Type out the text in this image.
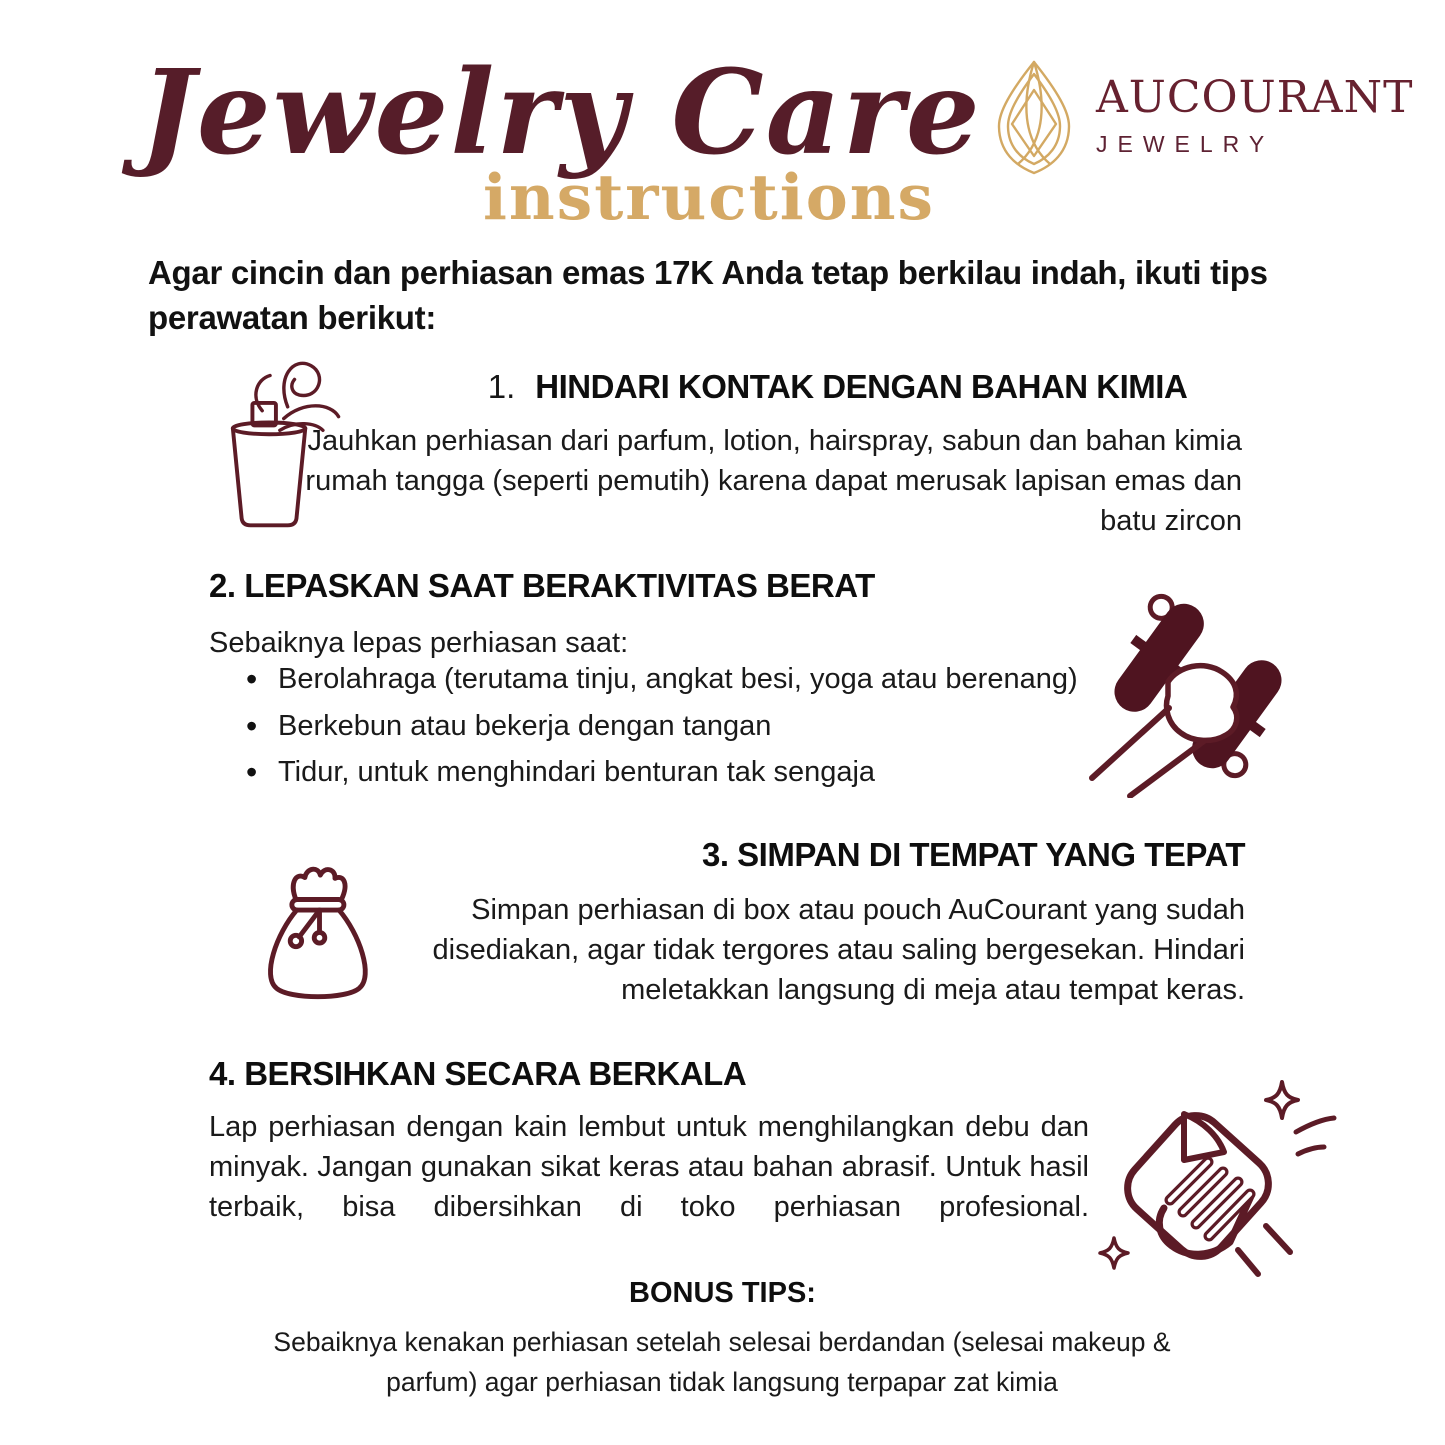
Jewelry Care
instructions
AUCOURANT
JEWELRY

Agar cincin dan perhiasan emas 17K Anda tetap berkilau indah, ikuti tips perawatan berikut:

1. HINDARI KONTAK DENGAN BAHAN KIMIA

Jauhkan perhiasan dari parfum, lotion, hairspray, sabun dan bahan kimia rumah tangga (seperti pemutih) karena dapat merusak lapisan emas dan batu zircon

2. LEPASKAN SAAT BERAKTIVITAS BERAT

Sebaiknya lepas perhiasan saat:

• Berolahraga (terutama tinju, angkat besi, yoga atau berenang)
• Berkebun atau bekerja dengan tangan
• Tidur, untuk menghindari benturan tak sengaja
3. SIMPAN DI TEMPAT YANG TEPAT

Simpan perhiasan di box atau pouch AuCourant yang sudah disediakan, agar tidak tergores atau saling bergesekan. Hindari meletakkan langsung di meja atau tempat keras.

4. BERSIHKAN SECARA BERKALA

Lap perhiasan dengan kain lembut untuk menghilangkan debu dan minyak. Jangan gunakan sikat keras atau bahan abrasif. Untuk hasil terbaik, bisa dibersihkan di toko perhiasan profesional.

BONUS TIPS:

Sebaiknya kenakan perhiasan setelah selesai berdandan (selesai makeup & parfum) agar perhiasan tidak langsung terpapar zat kimia
